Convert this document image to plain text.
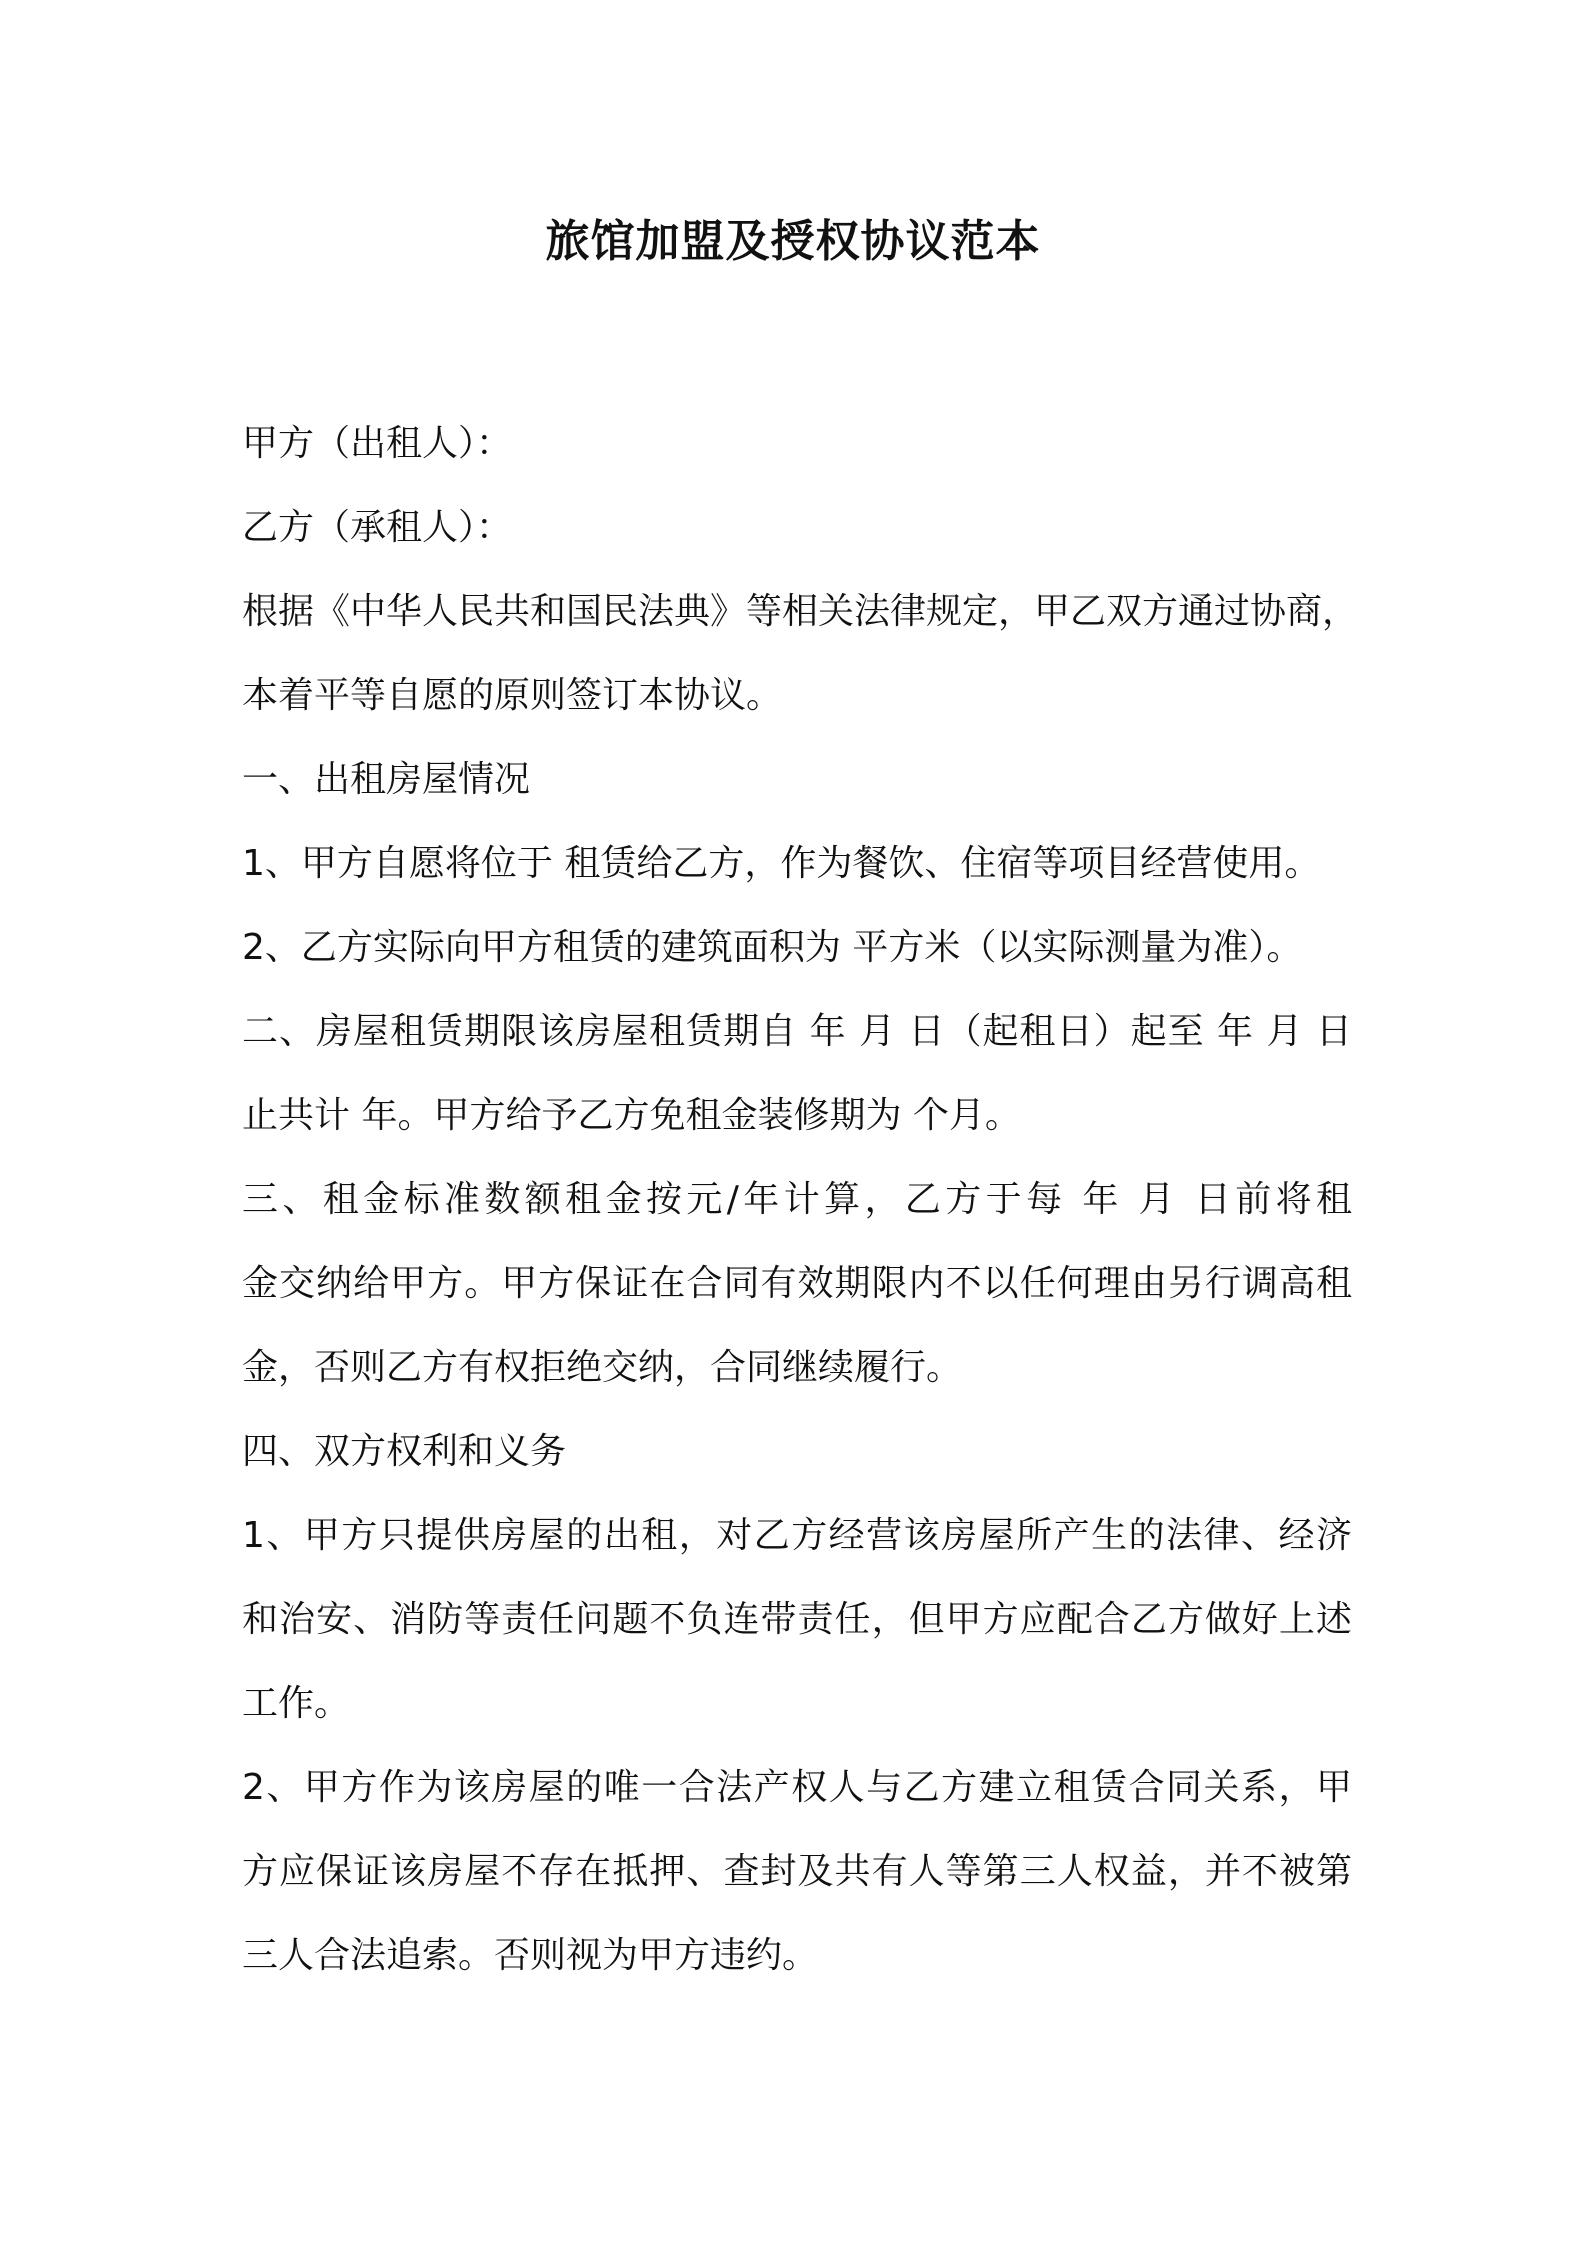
旅馆加盟及授权协议范本

甲方（出租人）：

乙方（承租人）：

根据《中华人民共和国民法典》等相关法律规定，甲乙双方通过协商，

本着平等自愿的原则签订本协议。

一、出租房屋情况

1、甲方自愿将位于 租赁给乙方，作为餐饮、住宿等项目经营使用。

2、乙方实际向甲方租赁的建筑面积为 平方米（以实际测量为准）。

二、房屋租赁期限该房屋租赁期自 年 月 日（起租日）起至 年 月 日

止共计 年。甲方给予乙方免租金装修期为 个月。

三、租金标准数额租金按元/年计算，乙方于每 年 月 日前将租

金交纳给甲方。甲方保证在合同有效期限内不以任何理由另行调高租

金，否则乙方有权拒绝交纳，合同继续履行。

四、双方权利和义务

1、甲方只提供房屋的出租，对乙方经营该房屋所产生的法律、经济

和治安、消防等责任问题不负连带责任，但甲方应配合乙方做好上述

工作。

2、甲方作为该房屋的唯一合法产权人与乙方建立租赁合同关系，甲

方应保证该房屋不存在抵押、查封及共有人等第三人权益，并不被第

三人合法追索。否则视为甲方违约。
